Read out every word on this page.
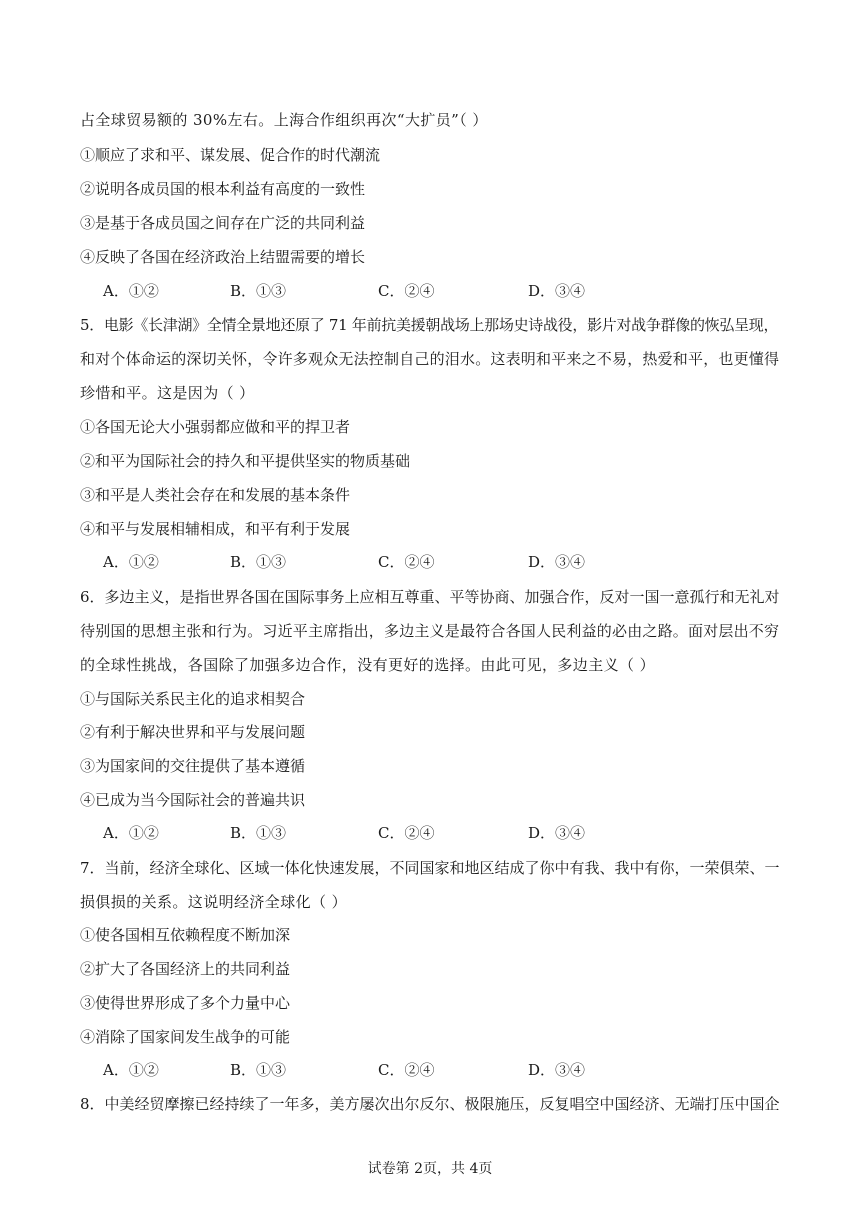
占全球贸易额的 30%左右。上海合作组织再次“大扩员”（ ）
①顺应了求和平、谋发展、促合作的时代潮流
②说明各成员国的根本利益有高度的一致性
③是基于各成员国之间存在广泛的共同利益
④反映了各国在经济政治上结盟需要的增长
A．①②	B．①③	C．②④	D．③④
5．电影《长津湖》全情全景地还原了 71 年前抗美援朝战场上那场史诗战役，影片对战争群像的恢弘呈现，
和对个体命运的深切关怀，令许多观众无法控制自己的泪水。这表明和平来之不易，热爱和平，也更懂得
珍惜和平。这是因为（ ）
①各国无论大小强弱都应做和平的捍卫者
②和平为国际社会的持久和平提供坚实的物质基础
③和平是人类社会存在和发展的基本条件
④和平与发展相辅相成，和平有利于发展
A．①②	B．①③	C．②④	D．③④
6．多边主义，是指世界各国在国际事务上应相互尊重、平等协商、加强合作，反对一国一意孤行和无礼对
待别国的思想主张和行为。习近平主席指出，多边主义是最符合各国人民利益的必由之路。面对层出不穷
的全球性挑战，各国除了加强多边合作，没有更好的选择。由此可见，多边主义（ ）
①与国际关系民主化的追求相契合
②有利于解决世界和平与发展问题
③为国家间的交往提供了基本遵循
④已成为当今国际社会的普遍共识
A．①②	B．①③	C．②④	D．③④
7．当前，经济全球化、区域一体化快速发展，不同国家和地区结成了你中有我、我中有你，一荣俱荣、一
损俱损的关系。这说明经济全球化（ ）
①使各国相互依赖程度不断加深
②扩大了各国经济上的共同利益
③使得世界形成了多个力量中心
④消除了国家间发生战争的可能
A．①②	B．①③	C．②④	D．③④
8．中美经贸摩擦已经持续了一年多，美方屡次出尔反尔、极限施压，反复唱空中国经济、无端打压中国企
试卷第 2页，共 4页
